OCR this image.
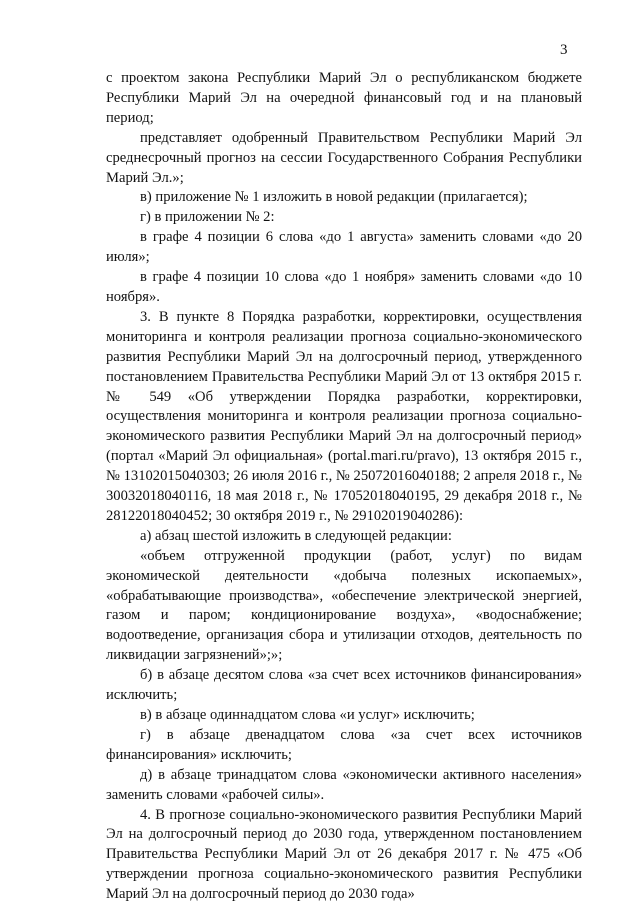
3

с проектом закона Республики Марий Эл о республиканском бюджете Республики Марий Эл на очередной финансовый год и на плановый период;

представляет одобренный Правительством Республики Марий Эл среднесрочный прогноз на сессии Государственного Собрания Республики Марий Эл.»;

в) приложение № 1 изложить в новой редакции (прилагается);

г) в приложении № 2:

в графе 4 позиции 6 слова «до 1 августа» заменить словами «до 20 июля»;

в графе 4 позиции 10 слова «до 1 ноября» заменить словами «до 10 ноября».

3. В пункте 8 Порядка разработки, корректировки, осуществления мониторинга и контроля реализации прогноза социально-экономического развития Республики Марий Эл на долгосрочный период, утвержденного постановлением Правительства Республики Марий Эл от 13 октября 2015 г. № 549 «Об утверждении Порядка разработки, корректировки, осуществления мониторинга и контроля реализации прогноза социально-экономического развития Республики Марий Эл на долгосрочный период» (портал «Марий Эл официальная» (portal.mari.ru/pravo), 13 октября 2015 г., № 13102015040303; 26 июля 2016 г., № 25072016040188; 2 апреля 2018 г., № 30032018040116, 18 мая 2018 г., № 17052018040195, 29 декабря 2018 г., № 28122018040452; 30 октября 2019 г., № 29102019040286):

а) абзац шестой изложить в следующей редакции:

«объем отгруженной продукции (работ, услуг) по видам экономической деятельности «добыча полезных ископаемых», «обрабатывающие производства», «обеспечение электрической энергией, газом и паром; кондиционирование воздуха», «водоснабжение; водоотведение, организация сбора и утилизации отходов, деятельность по ликвидации загрязнений»;»;

б) в абзаце десятом слова «за счет всех источников финансирования» исключить;

в) в абзаце одиннадцатом слова «и услуг» исключить;

г) в абзаце двенадцатом слова «за счет всех источников финансирования» исключить;

д) в абзаце тринадцатом слова «экономически активного населения» заменить словами «рабочей силы».

4. В прогнозе социально-экономического развития Республики Марий Эл на долгосрочный период до 2030 года, утвержденном постановлением Правительства Республики Марий Эл от 26 декабря 2017 г. № 475 «Об утверждении прогноза социально-экономического развития Республики Марий Эл на долгосрочный период до 2030 года»
